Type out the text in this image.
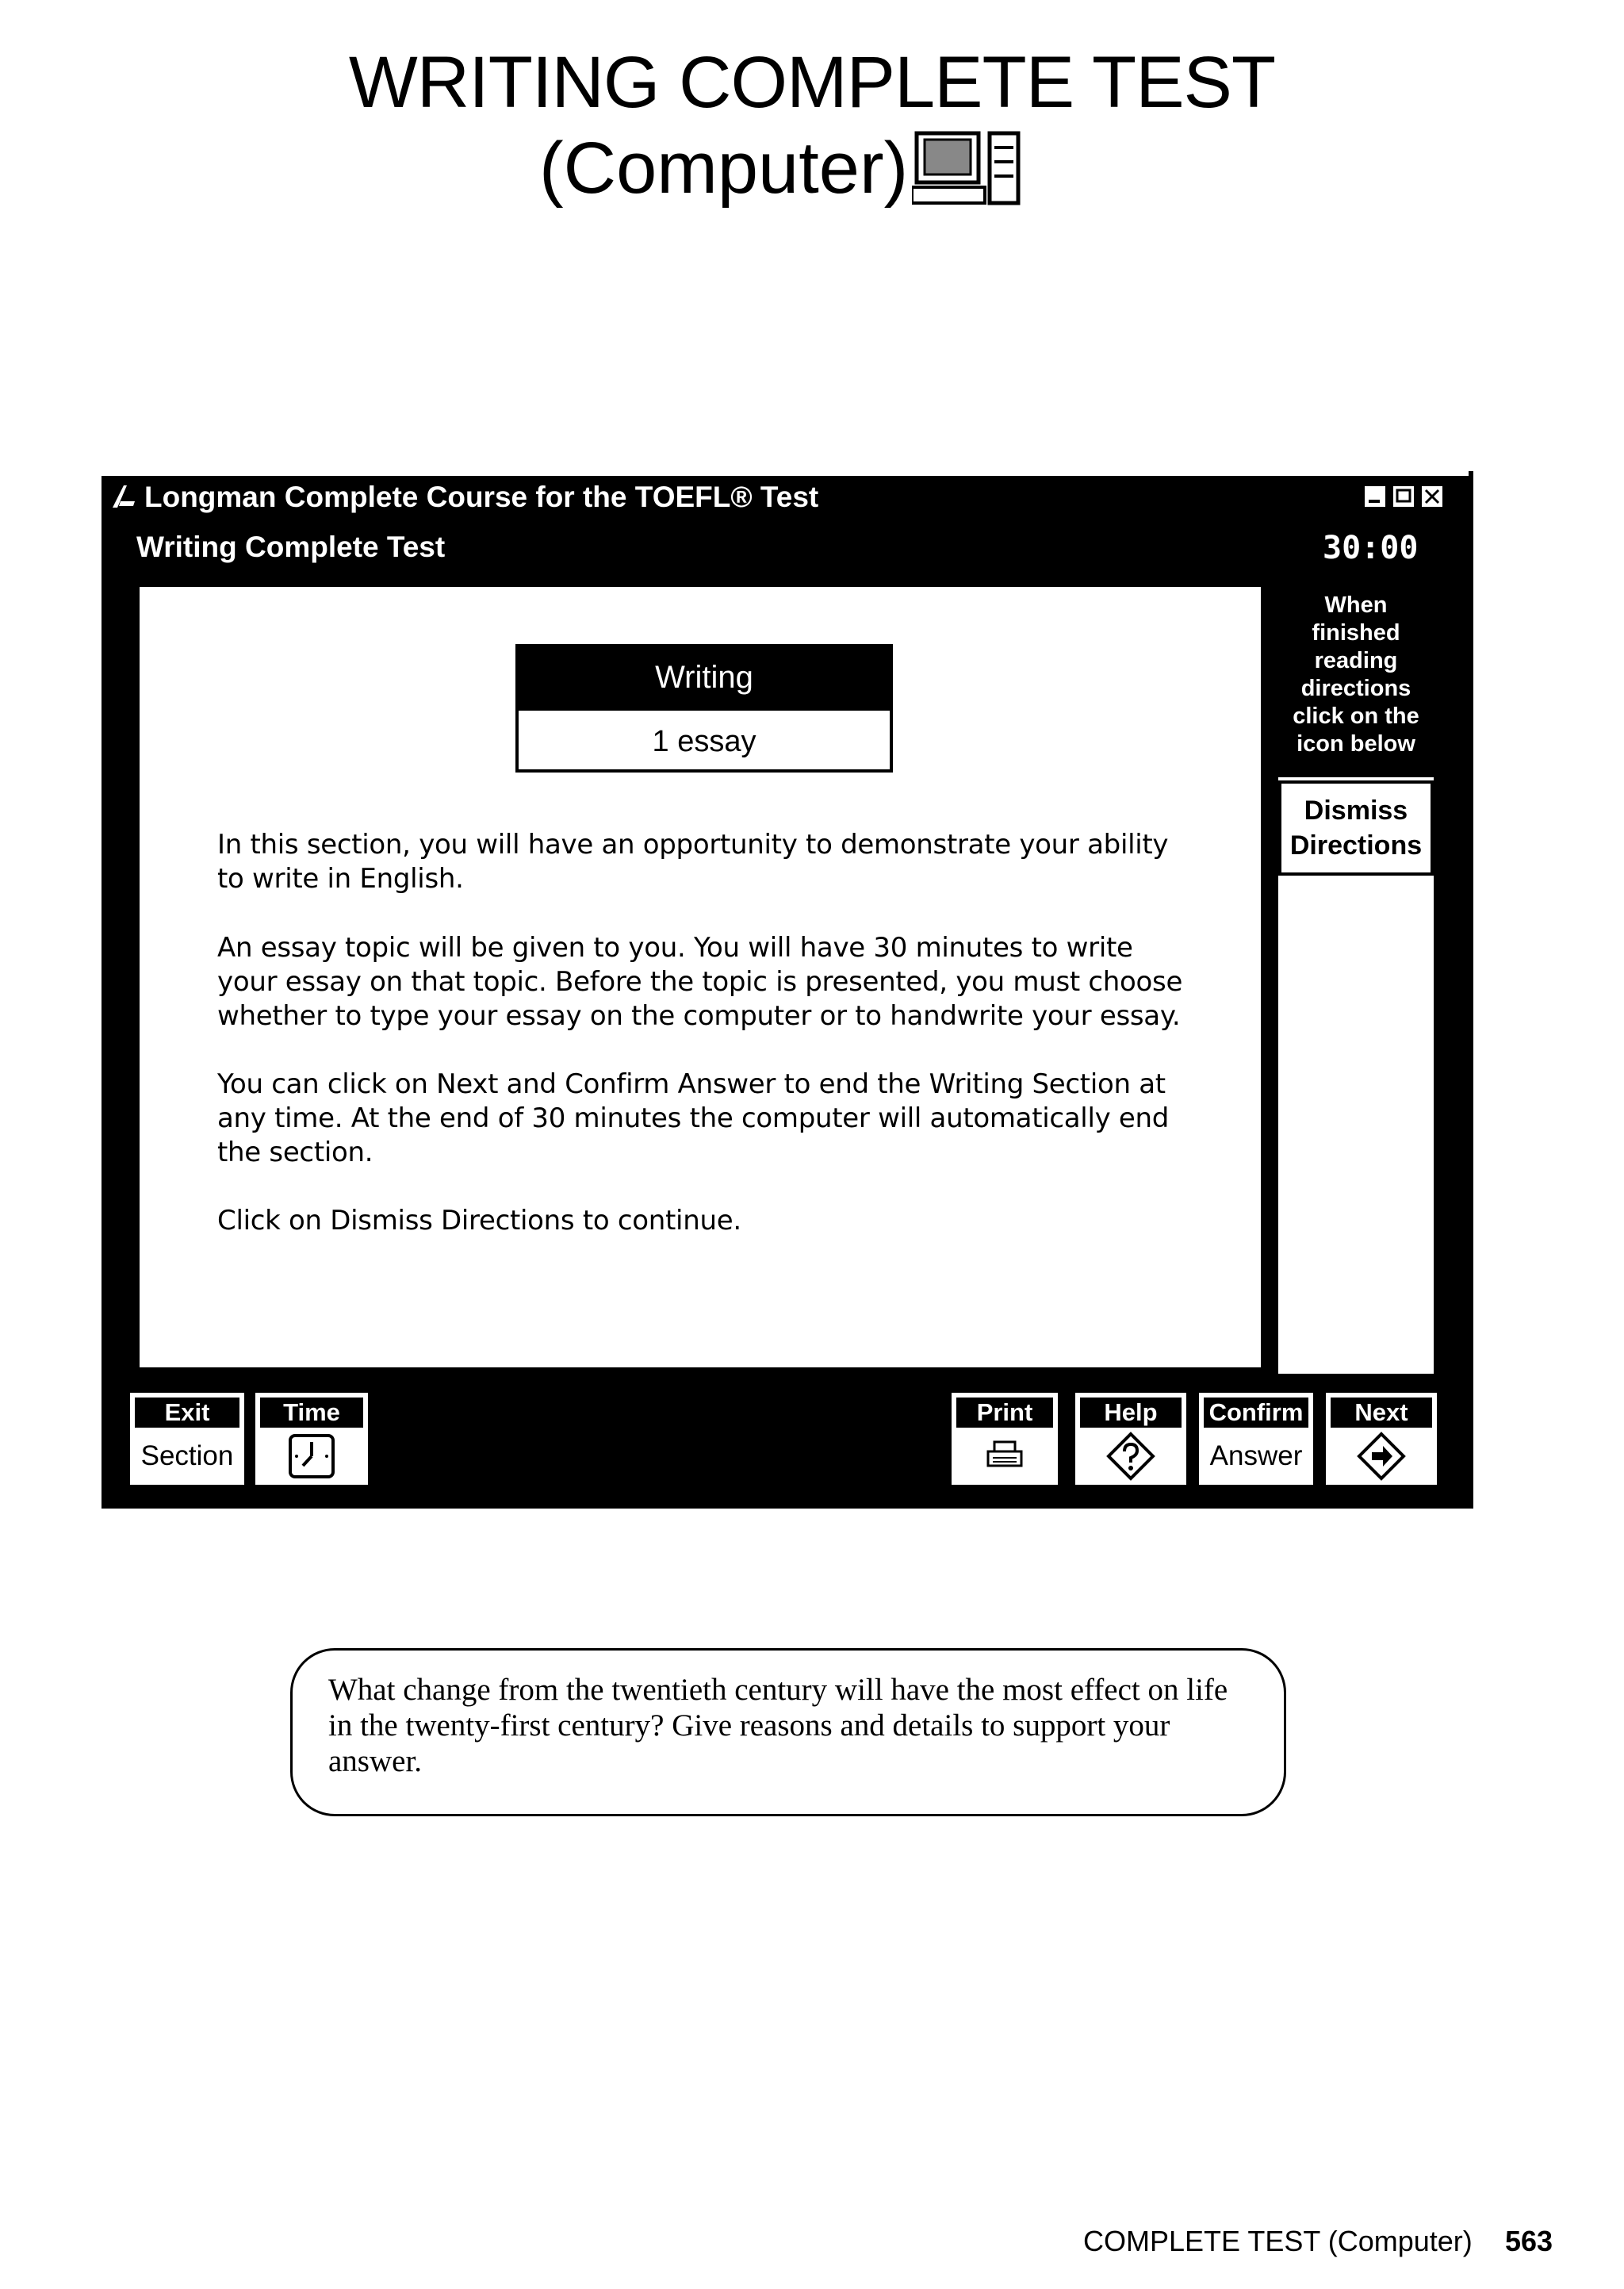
WRITING COMPLETE TEST
(Computer)
Longman Complete Course for the TOEFL® Test
Writing Complete Test	30:00
Writing
1 essay
In this section, you will have an opportunity to demonstrate your ability to write in English.
An essay topic will be given to you. You will have 30 minutes to write your essay on that topic. Before the topic is presented, you must choose whether to type your essay on the computer or to handwrite your essay.
You can click on Next and Confirm Answer to end the Writing Section at any time. At the end of 30 minutes the computer will automatically end the section.
Click on Dismiss Directions to continue.
When finished reading directions click on the icon below
Dismiss Directions
Exit
Section
Time	Print	Help	Confirm
Answer
Next
What change from the twentieth century will have the most effect on life in the twenty-first century? Give reasons and details to support your answer.
COMPLETE TEST (Computer) 563
